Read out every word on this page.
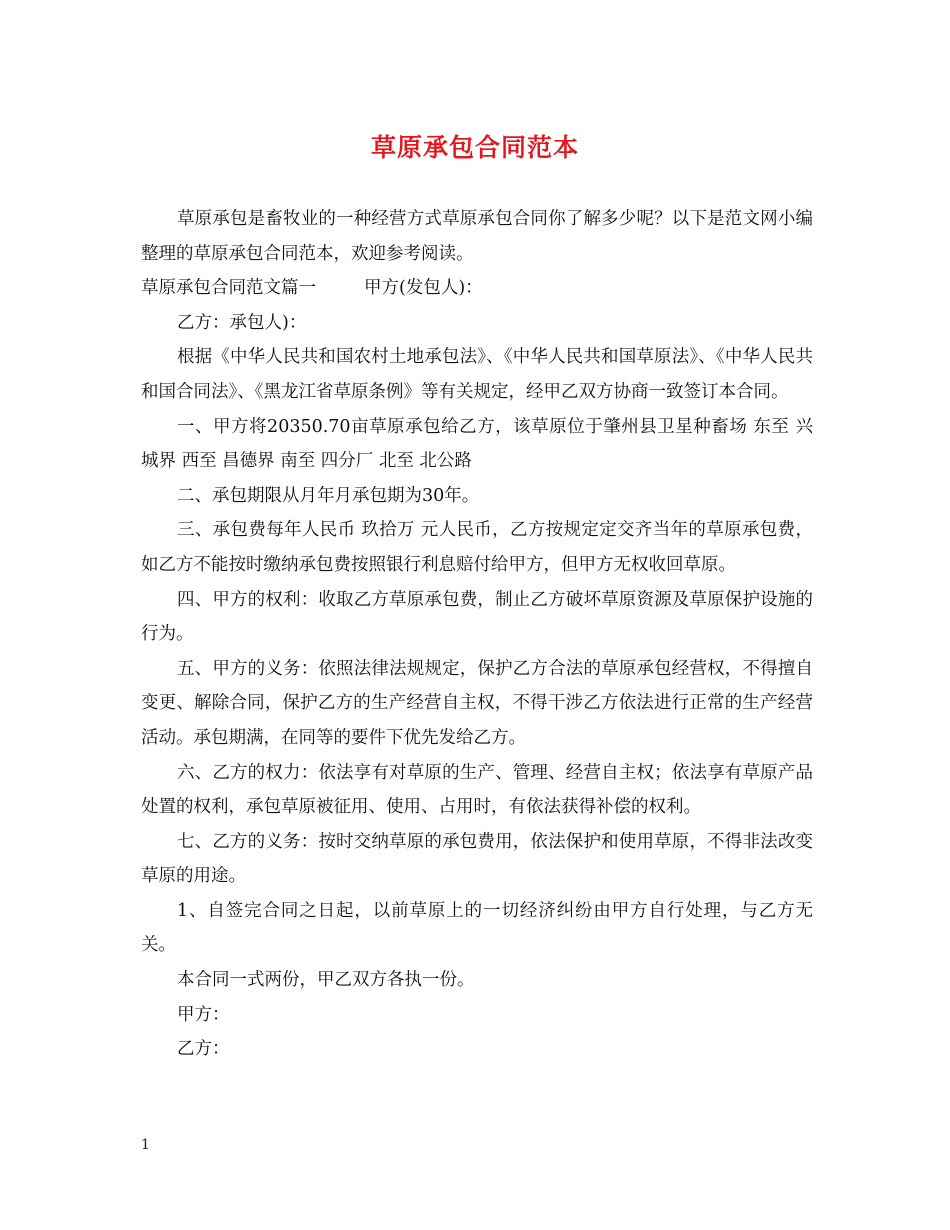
草原承包合同范本

草原承包是畜牧业的一种经营方式草原承包合同你了解多少呢？以下是范文网小编整理的草原承包合同范本，欢迎参考阅读。

草原承包合同范文篇一	甲方(发包人)：

乙方：承包人)：

根据《中华人民共和国农村土地承包法》、《中华人民共和国草原法》、《中华人民共和国合同法》、《黑龙江省草原条例》等有关规定，经甲乙双方协商一致签订本合同。

一、甲方将20350.70亩草原承包给乙方，该草原位于肇州县卫星种畜场 东至 兴城界 西至 昌德界 南至 四分厂 北至 北公路

二、承包期限从月年月承包期为30年。

三、承包费每年人民币 玖拾万 元人民币，乙方按规定定交齐当年的草原承包费，如乙方不能按时缴纳承包费按照银行利息赔付给甲方，但甲方无权收回草原。

四、甲方的权利：收取乙方草原承包费，制止乙方破坏草原资源及草原保护设施的行为。

五、甲方的义务：依照法律法规规定，保护乙方合法的草原承包经营权，不得擅自变更、解除合同，保护乙方的生产经营自主权，不得干涉乙方依法进行正常的生产经营活动。承包期满，在同等的要件下优先发给乙方。

六、乙方的权力：依法享有对草原的生产、管理、经营自主权；依法享有草原产品处置的权利，承包草原被征用、使用、占用时，有依法获得补偿的权利。

七、乙方的义务：按时交纳草原的承包费用，依法保护和使用草原，不得非法改变草原的用途。

1、自签完合同之日起，以前草原上的一切经济纠纷由甲方自行处理，与乙方无关。

本合同一式两份，甲乙双方各执一份。

甲方：

乙方：

1
